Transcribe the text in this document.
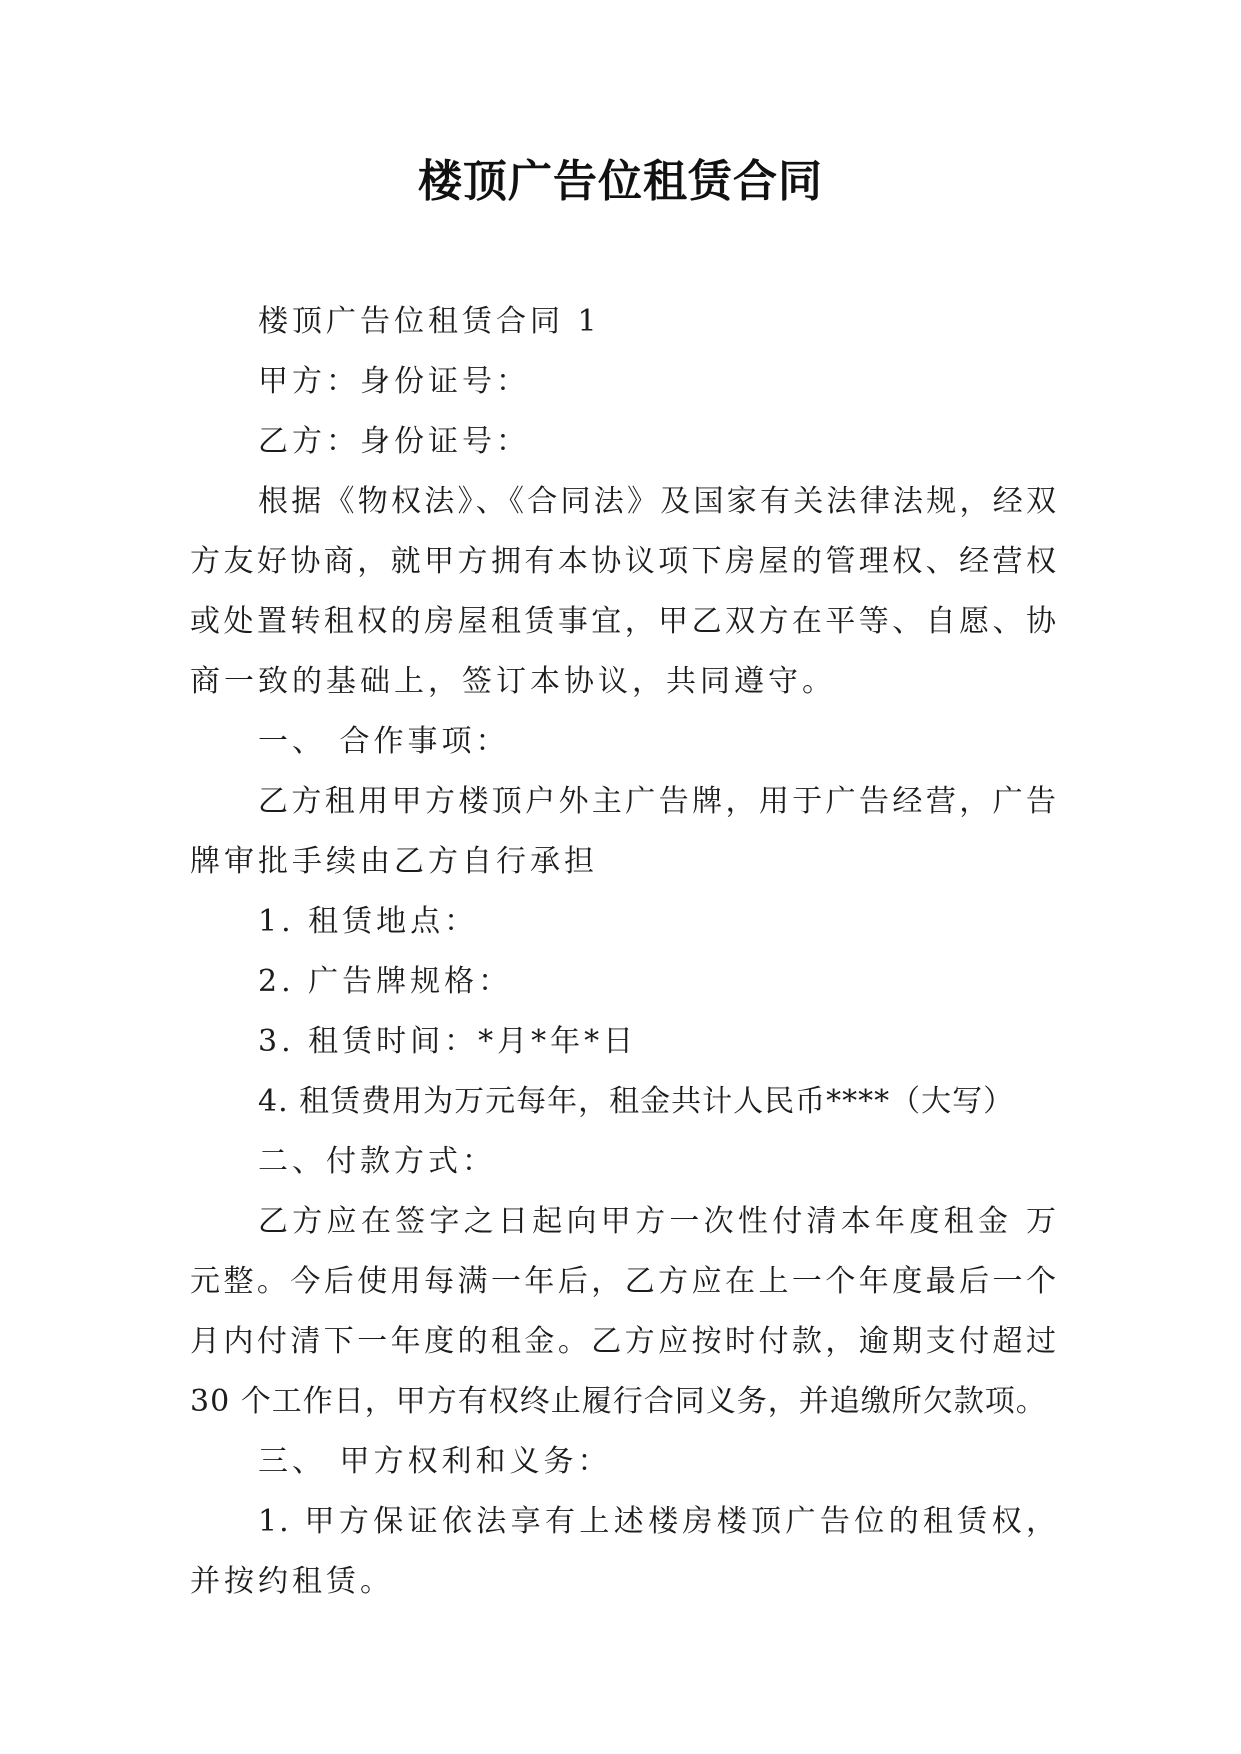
楼顶广告位租赁合同
楼顶广告位租赁合同 1
甲方：身份证号：
乙方：身份证号：
根据《物权法》、《合同法》及国家有关法律法规，经双
方友好协商，就甲方拥有本协议项下房屋的管理权、经营权
或处置转租权的房屋租赁事宜，甲乙双方在平等、自愿、协
商一致的基础上，签订本协议，共同遵守。
一、 合作事项：
乙方租用甲方楼顶户外主广告牌，用于广告经营，广告
牌审批手续由乙方自行承担
1. 租赁地点：
2. 广告牌规格：
3. 租赁时间：*月*年*日
4. 租赁费用为万元每年，租金共计人民币****（大写）
二、付款方式：
乙方应在签字之日起向甲方一次性付清本年度租金 万
元整。今后使用每满一年后，乙方应在上一个年度最后一个
月内付清下一年度的租金。乙方应按时付款，逾期支付超过
30 个工作日，甲方有权终止履行合同义务，并追缴所欠款项。
三、 甲方权利和义务：
1. 甲方保证依法享有上述楼房楼顶广告位的租赁权，
并按约租赁。
